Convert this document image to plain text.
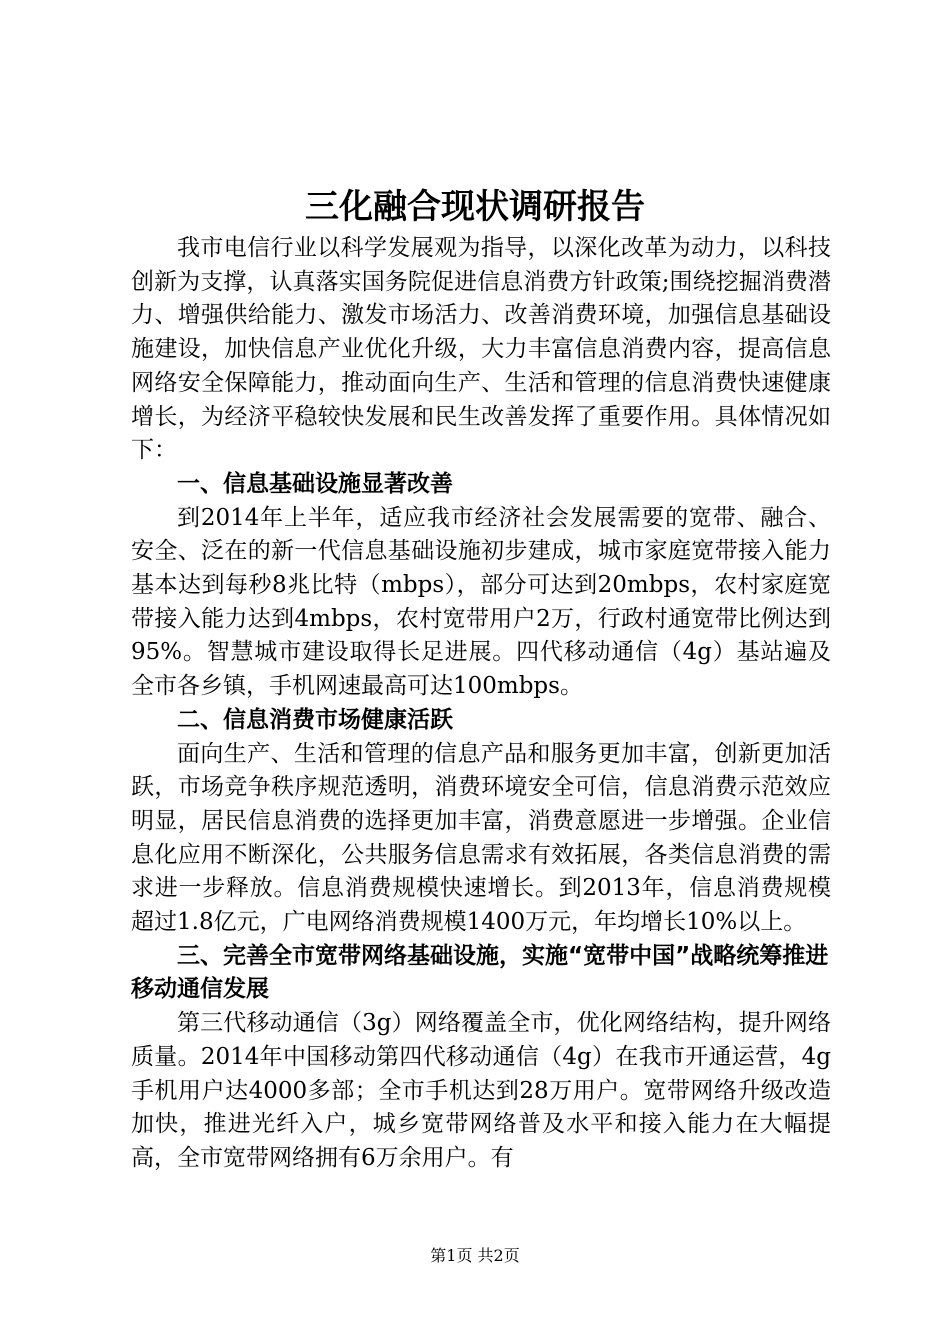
三化融合现状调研报告

我市电信行业以科学发展观为指导，以深化改革为动力，以科技创新为支撑，认真落实国务院促进信息消费方针政策;围绕挖掘消费潜力、增强供给能力、激发市场活力、改善消费环境，加强信息基础设施建设，加快信息产业优化升级，大力丰富信息消费内容，提高信息网络安全保障能力，推动面向生产、生活和管理的信息消费快速健康增长，为经济平稳较快发展和民生改善发挥了重要作用。具体情况如下：

一、信息基础设施显著改善

到2014年上半年，适应我市经济社会发展需要的宽带、融合、安全、泛在的新一代信息基础设施初步建成，城市家庭宽带接入能力基本达到每秒8兆比特（mbps），部分可达到20mbps，农村家庭宽带接入能力达到4mbps，农村宽带用户2万，行政村通宽带比例达到95%。智慧城市建设取得长足进展。四代移动通信（4g）基站遍及全市各乡镇，手机网速最高可达100mbps。

二、信息消费市场健康活跃

面向生产、生活和管理的信息产品和服务更加丰富，创新更加活跃，市场竞争秩序规范透明，消费环境安全可信，信息消费示范效应明显，居民信息消费的选择更加丰富，消费意愿进一步增强。企业信息化应用不断深化，公共服务信息需求有效拓展，各类信息消费的需求进一步释放。信息消费规模快速增长。到2013年，信息消费规模超过1.8亿元，广电网络消费规模1400万元，年均增长10%以上。

三、完善全市宽带网络基础设施，实施“宽带中国”战略统筹推进移动通信发展

第三代移动通信（3g）网络覆盖全市，优化网络结构，提升网络质量。2014年中国移动第四代移动通信（4g）在我市开通运营，4g手机用户达4000多部；全市手机达到28万用户。宽带网络升级改造加快，推进光纤入户，城乡宽带网络普及水平和接入能力在大幅提高，全市宽带网络拥有6万余用户。有

第1页 共2页
